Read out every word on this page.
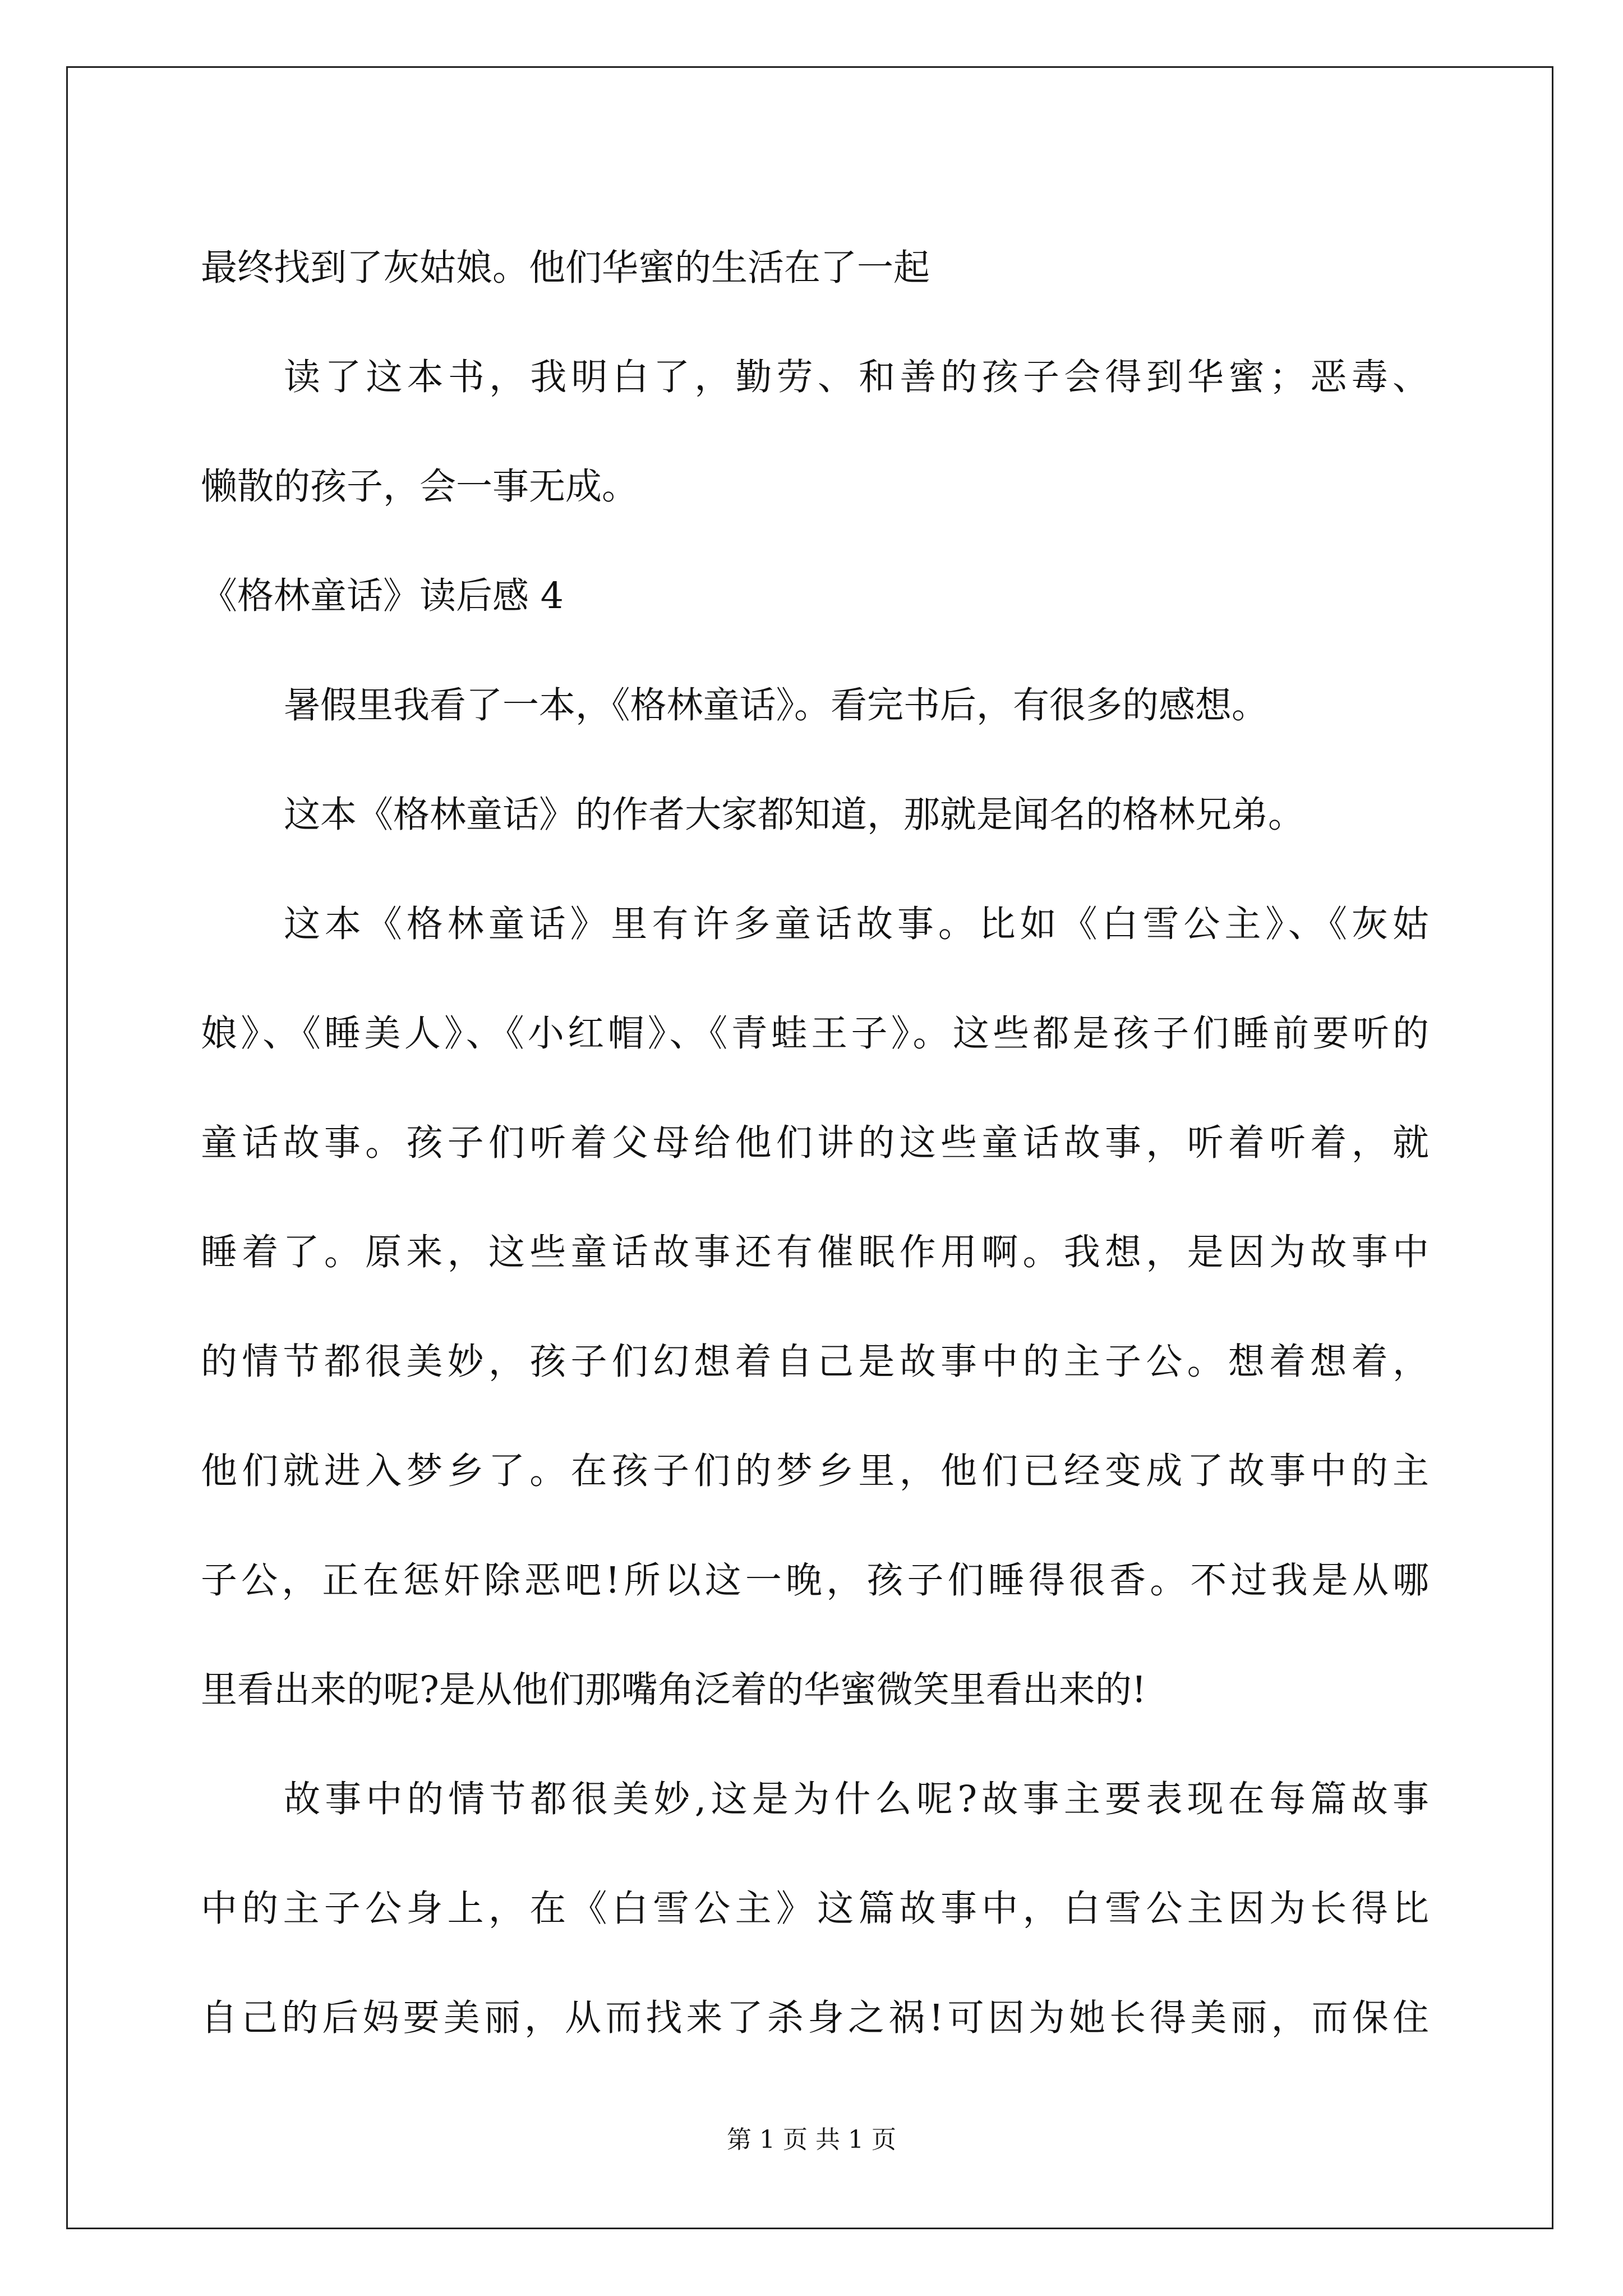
最终找到了灰姑娘。他们华蜜的生活在了一起
读了这本书，我明白了，勤劳、和善的孩子会得到华蜜；恶毒、
懒散的孩子，会一事无成。
《格林童话》读后感 4
暑假里我看了一本，《格林童话》。看完书后，有很多的感想。
这本《格林童话》的作者大家都知道，那就是闻名的格林兄弟。
这本《格林童话》里有许多童话故事。比如《白雪公主》、《灰姑
娘》、《睡美人》、《小红帽》、《青蛙王子》。这些都是孩子们睡前要听的
童话故事。孩子们听着父母给他们讲的这些童话故事，听着听着，就
睡着了。原来，这些童话故事还有催眠作用啊。我想，是因为故事中
的情节都很美妙，孩子们幻想着自己是故事中的主子公。想着想着，
他们就进入梦乡了。在孩子们的梦乡里，他们已经变成了故事中的主
子公，正在惩奸除恶吧!所以这一晚，孩子们睡得很香。不过我是从哪
里看出来的呢?是从他们那嘴角泛着的华蜜微笑里看出来的!
故事中的情节都很美妙,这是为什么呢?故事主要表现在每篇故事
中的主子公身上，在《白雪公主》这篇故事中，白雪公主因为长得比
自己的后妈要美丽，从而找来了杀身之祸!可因为她长得美丽，而保住
第 1 页 共 1 页
